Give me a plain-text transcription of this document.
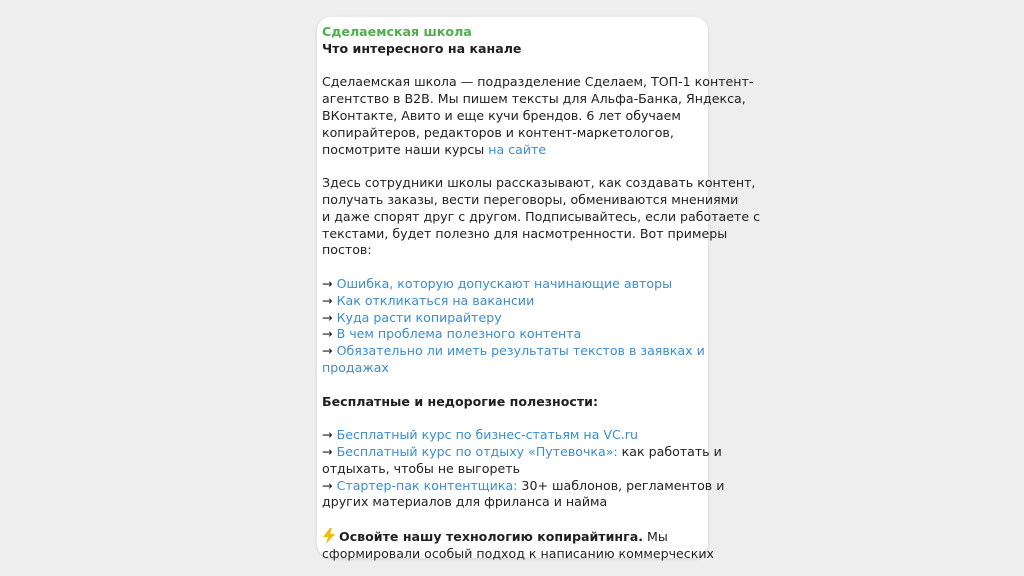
Сделаемская школа
Что интересного на канале
Сделаемская школа — подразделение Сделаем, ТОП-1 контент-
агентство в B2B. Мы пишем тексты для Альфа-Банка, Яндекса,
ВКонтакте, Авито и еще кучи брендов. 6 лет обучаем
копирайтеров, редакторов и контент-маркетологов,
посмотрите наши курсы на сайте
Здесь сотрудники школы рассказывают, как создавать контент,
получать заказы, вести переговоры, обмениваются мнениями
и даже спорят друг с другом. Подписывайтесь, если работаете с
текстами, будет полезно для насмотренности. Вот примеры
постов:
→ Ошибка, которую допускают начинающие авторы
→ Как откликаться на вакансии
→ Куда расти копирайтеру
→ В чем проблема полезного контента
→ Обязательно ли иметь результаты текстов в заявках и
продажах
Бесплатные и недорогие полезности:
→ Бесплатный курс по бизнес-статьям на VC.ru
→ Бесплатный курс по отдыху «Путевочка»: как работать и
отдыхать, чтобы не выгореть
→ Стартер-пак контентщика: 30+ шаблонов, регламентов и
других материалов для фриланса и найма
Освойте нашу технологию копирайтинга. Мы
сформировали особый подход к написанию коммерческих
